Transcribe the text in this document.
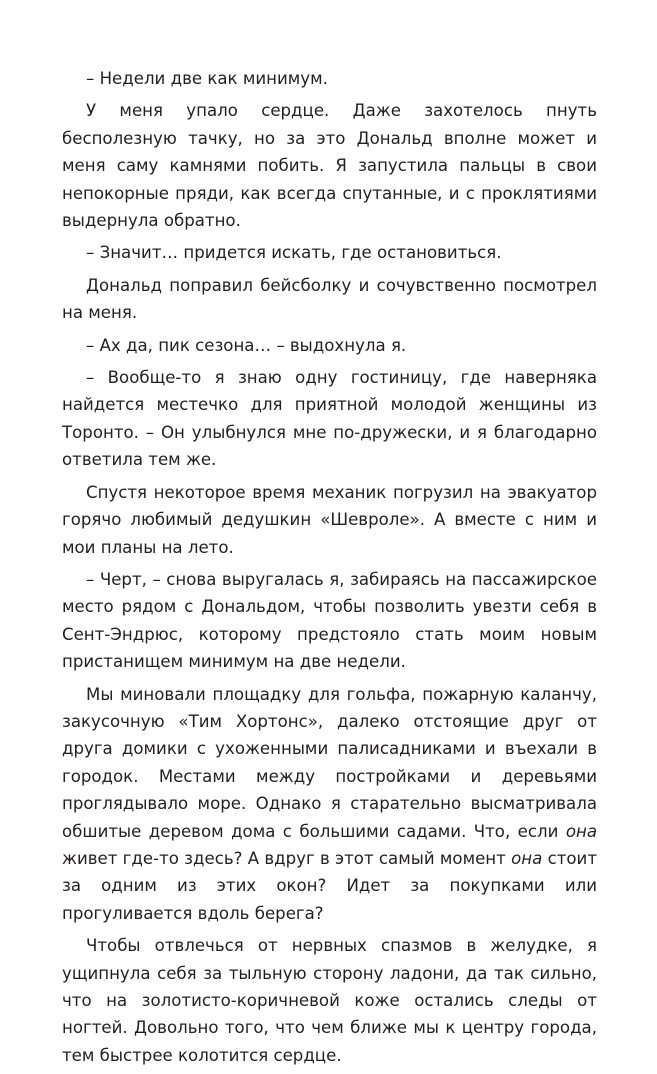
– Недели две как минимум.

У меня упало сердце. Даже захотелось пнуть бесполезную тачку, но за это Дональд вполне может и меня саму камнями побить. Я запустила пальцы в свои непокорные пряди, как всегда спутанные, и с проклятиями выдернула обратно.

– Значит… придется искать, где остановиться.

Дональд поправил бейсболку и сочувственно посмотрел на меня.

– Ах да, пик сезона… – выдохнула я.

– Вообще-то я знаю одну гостиницу, где наверняка найдется местечко для приятной молодой женщины из Торонто. – Он улыбнулся мне по-дружески, и я благодарно ответила тем же.

Спустя некоторое время механик погрузил на эвакуатор горячо любимый дедушкин «Шевроле». А вместе с ним и мои планы на лето.

– Черт, – снова выругалась я, забираясь на пассажирское место рядом с Дональдом, чтобы позволить увезти себя в Сент-Эндрюс, которому предстояло стать моим новым пристанищем минимум на две недели.

Мы миновали площадку для гольфа, пожарную каланчу, закусочную «Тим Хортонс», далеко отстоящие друг от друга домики с ухоженными палисадниками и въехали в городок. Местами между постройками и деревьями проглядывало море. Однако я старательно высматривала обшитые деревом дома с большими садами. Что, если она живет где-то здесь? А вдруг в этот самый момент она стоит за одним из этих окон? Идет за покупками или прогуливается вдоль берега?

Чтобы отвлечься от нервных спазмов в желудке, я ущипнула себя за тыльную сторону ладони, да так сильно, что на золотисто-коричневой коже остались следы от ногтей. Довольно того, что чем ближе мы к центру города, тем быстрее колотится сердце.
